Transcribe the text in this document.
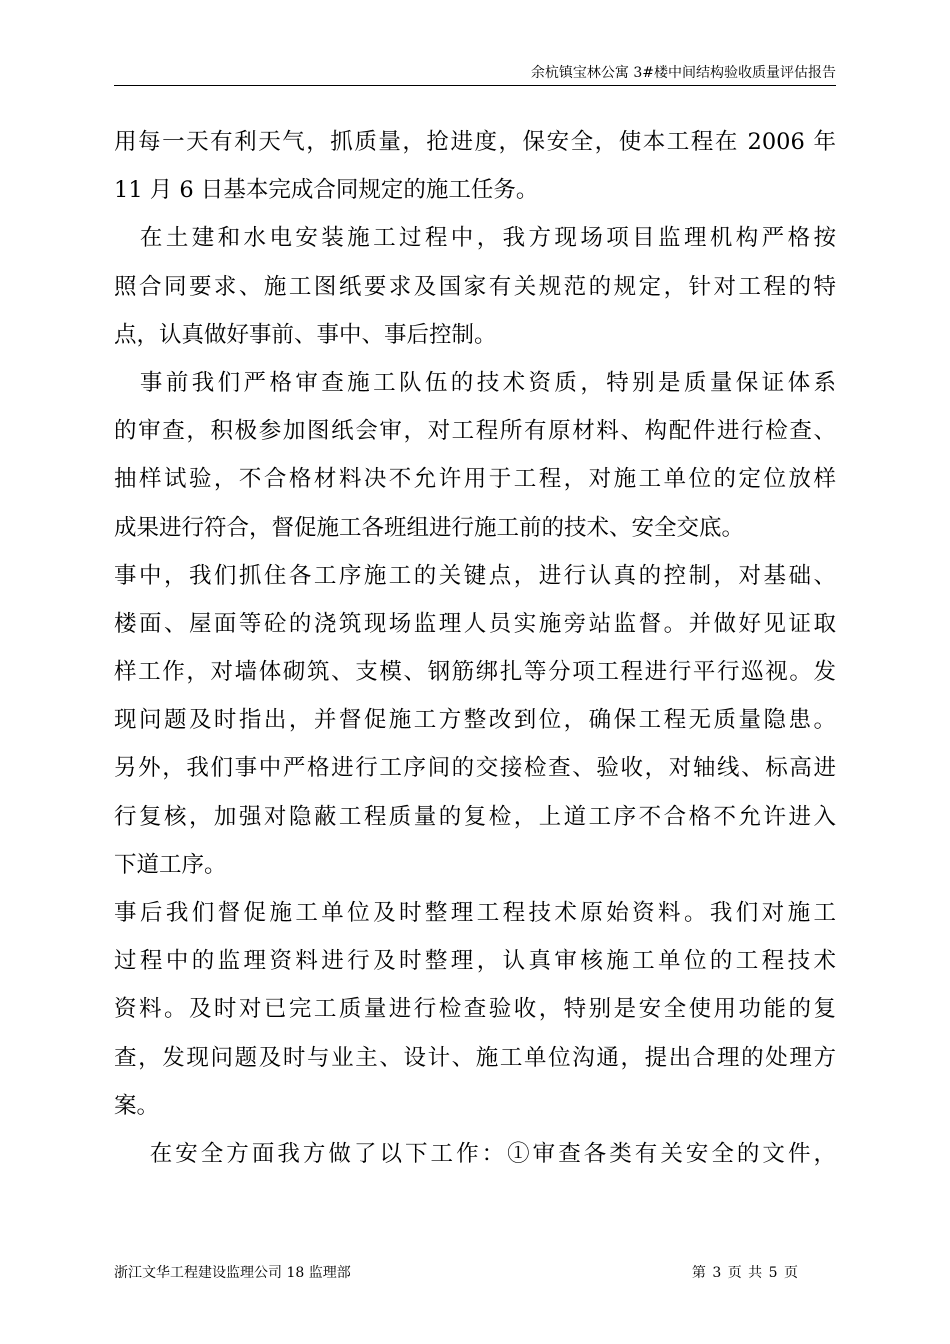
余杭镇宝林公寓 3#楼中间结构验收质量评估报告
用每一天有利天气，抓质量，抢进度，保安全，使本工程在 2006 年
11 月 6 日基本完成合同规定的施工任务。
　在土建和水电安装施工过程中，我方现场项目监理机构严格按
照合同要求、施工图纸要求及国家有关规范的规定，针对工程的特
点，认真做好事前、事中、事后控制。
　事前我们严格审查施工队伍的技术资质，特别是质量保证体系
的审查，积极参加图纸会审，对工程所有原材料、构配件进行检查、
抽样试验，不合格材料决不允许用于工程，对施工单位的定位放样
成果进行符合，督促施工各班组进行施工前的技术、安全交底。
事中，我们抓住各工序施工的关键点，进行认真的控制，对基础、
楼面、屋面等砼的浇筑现场监理人员实施旁站监督。并做好见证取
样工作，对墙体砌筑、支模、钢筋绑扎等分项工程进行平行巡视。发
现问题及时指出，并督促施工方整改到位，确保工程无质量隐患。
另外，我们事中严格进行工序间的交接检查、验收，对轴线、标高进
行复核，加强对隐蔽工程质量的复检，上道工序不合格不允许进入
下道工序。
事后我们督促施工单位及时整理工程技术原始资料。我们对施工
过程中的监理资料进行及时整理，认真审核施工单位的工程技术
资料。及时对已完工质量进行检查验收，特别是安全使用功能的复
查，发现问题及时与业主、设计、施工单位沟通，提出合理的处理方
案。
　 在安全方面我方做了以下工作：①审查各类有关安全的文件，
浙江文华工程建设监理公司 18 监理部	第 3 页 共 5 页
